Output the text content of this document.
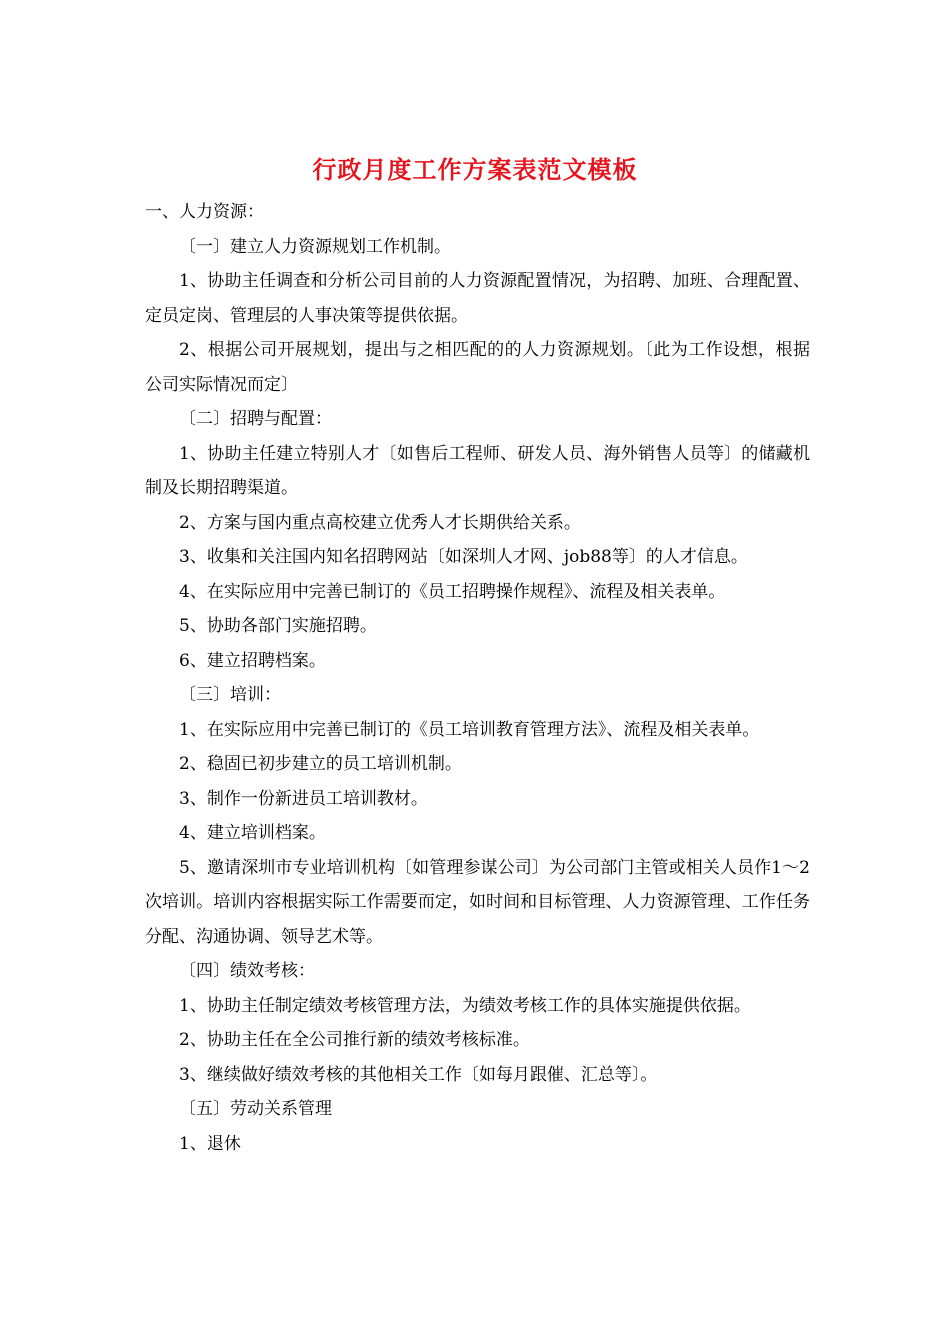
行政月度工作方案表范文模板

一、人力资源：

〔一〕建立人力资源规划工作机制。

1、协助主任调查和分析公司目前的人力资源配置情况，为招聘、加班、合理配置、定员定岗、管理层的人事决策等提供依据。

2、根据公司开展规划，提出与之相匹配的的人力资源规划。〔此为工作设想，根据公司实际情况而定〕

〔二〕招聘与配置：

1、协助主任建立特别人才〔如售后工程师、研发人员、海外销售人员等〕的储藏机制及长期招聘渠道。

2、方案与国内重点高校建立优秀人才长期供给关系。

3、收集和关注国内知名招聘网站〔如深圳人才网、job88等〕的人才信息。

4、在实际应用中完善已制订的《员工招聘操作规程》、流程及相关表单。

5、协助各部门实施招聘。

6、建立招聘档案。

〔三〕培训：

1、在实际应用中完善已制订的《员工培训教育管理方法》、流程及相关表单。

2、稳固已初步建立的员工培训机制。

3、制作一份新进员工培训教材。

4、建立培训档案。

5、邀请深圳市专业培训机构〔如管理参谋公司〕为公司部门主管或相关人员作1～2次培训。培训内容根据实际工作需要而定，如时间和目标管理、人力资源管理、工作任务分配、沟通协调、领导艺术等。

〔四〕绩效考核：

1、协助主任制定绩效考核管理方法，为绩效考核工作的具体实施提供依据。

2、协助主任在全公司推行新的绩效考核标准。

3、继续做好绩效考核的其他相关工作〔如每月跟催、汇总等〕。

〔五〕劳动关系管理

1、退休
